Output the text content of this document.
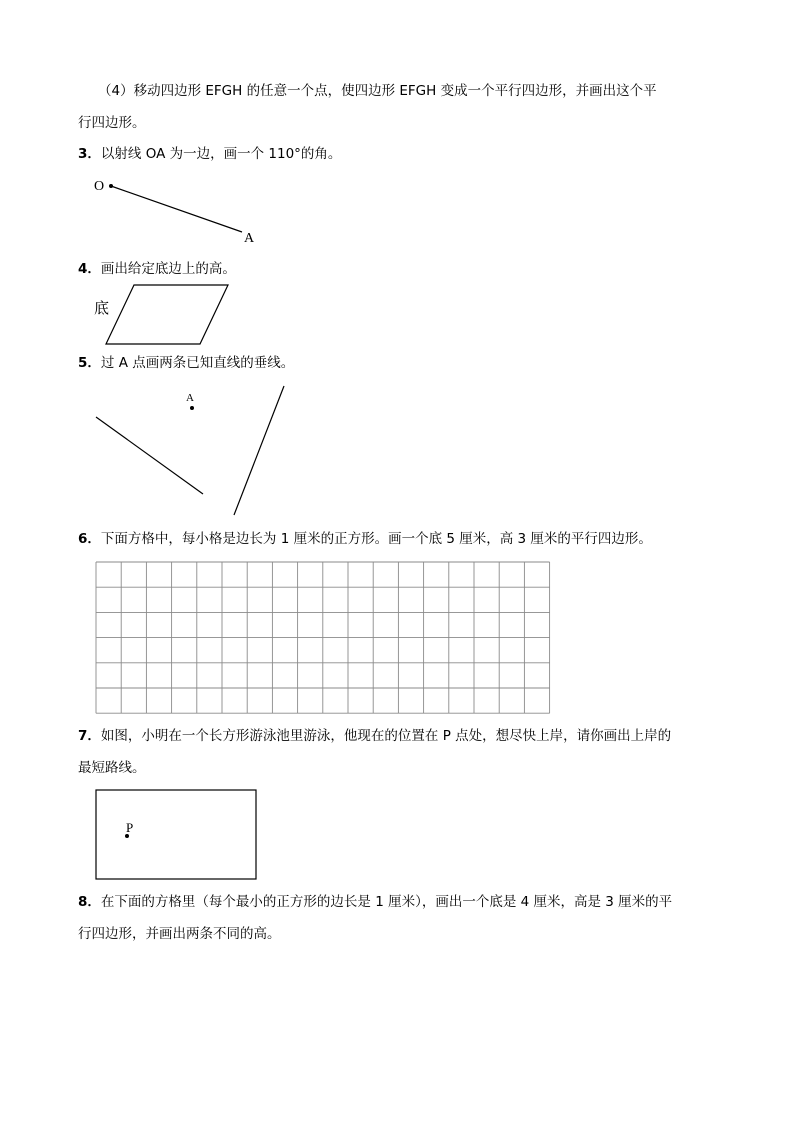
（4）移动四边形 EFGH 的任意一个点，使四边形 EFGH 变成一个平行四边形，并画出这个平
行四边形。
3．以射线 OA 为一边，画一个 110°的角。
4．画出给定底边上的高。
5．过 A 点画两条已知直线的垂线。
6．下面方格中，每小格是边长为 1 厘米的正方形。画一个底 5 厘米，高 3 厘米的平行四边形。
7．如图，小明在一个长方形游泳池里游泳，他现在的位置在 P 点处，想尽快上岸，请你画出上岸的
最短路线。
8．在下面的方格里（每个最小的正方形的边长是 1 厘米），画出一个底是 4 厘米，高是 3 厘米的平
行四边形，并画出两条不同的高。
O
A
底
A
P
